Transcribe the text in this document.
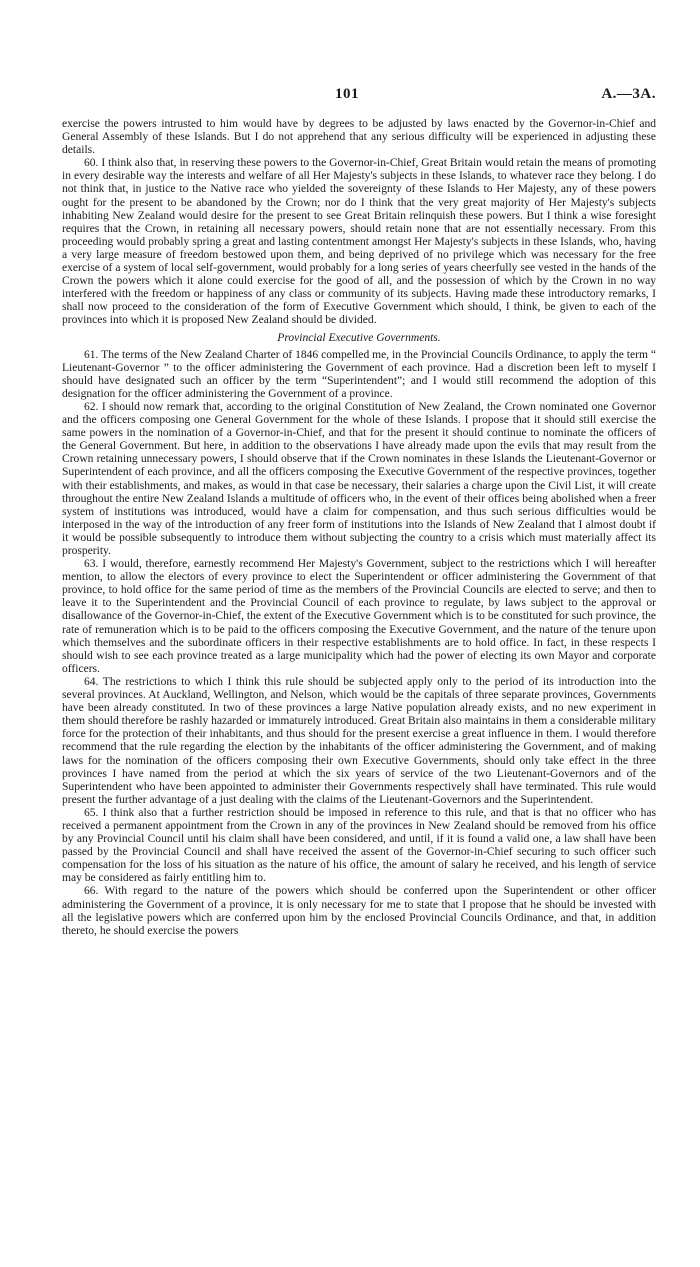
101	A.—3A.

exercise the powers intrusted to him would have by degrees to be adjusted by laws enacted by the Governor-in-Chief and General Assembly of these Islands. But I do not apprehend that any serious difficulty will be experienced in adjusting these details.

60. I think also that, in reserving these powers to the Governor-in-Chief, Great Britain would retain the means of promoting in every desirable way the interests and welfare of all Her Majesty's subjects in these Islands, to whatever race they belong. I do not think that, in justice to the Native race who yielded the sovereignty of these Islands to Her Majesty, any of these powers ought for the present to be abandoned by the Crown; nor do I think that the very great majority of Her Majesty's subjects inhabiting New Zealand would desire for the present to see Great Britain relinquish these powers. But I think a wise foresight requires that the Crown, in retaining all necessary powers, should retain none that are not essentially necessary. From this proceeding would probably spring a great and lasting contentment amongst Her Majesty's subjects in these Islands, who, having a very large measure of freedom bestowed upon them, and being deprived of no privilege which was necessary for the free exercise of a system of local self-government, would probably for a long series of years cheerfully see vested in the hands of the Crown the powers which it alone could exercise for the good of all, and the possession of which by the Crown in no way interfered with the freedom or happiness of any class or community of its subjects. Having made these introductory remarks, I shall now proceed to the consideration of the form of Executive Government which should, I think, be given to each of the provinces into which it is proposed New Zealand should be divided.

Provincial Executive Governments.

61. The terms of the New Zealand Charter of 1846 compelled me, in the Provincial Councils Ordinance, to apply the term “ Lieutenant-Governor ” to the officer administering the Government of each province. Had a discretion been left to myself I should have designated such an officer by the term “Superintendent”; and I would still recommend the adoption of this designation for the officer administering the Government of a province.

62. I should now remark that, according to the original Constitution of New Zealand, the Crown nominated one Governor and the officers composing one General Government for the whole of these Islands. I propose that it should still exercise the same powers in the nomination of a Governor-in-Chief, and that for the present it should continue to nominate the officers of the General Government. But here, in addition to the observations I have already made upon the evils that may result from the Crown retaining unnecessary powers, I should observe that if the Crown nominates in these Islands the Lieutenant-Governor or Superintendent of each province, and all the officers composing the Executive Government of the respective provinces, together with their establishments, and makes, as would in that case be necessary, their salaries a charge upon the Civil List, it will create throughout the entire New Zealand Islands a multitude of officers who, in the event of their offices being abolished when a freer system of institutions was introduced, would have a claim for compensation, and thus such serious difficulties would be interposed in the way of the introduction of any freer form of institutions into the Islands of New Zealand that I almost doubt if it would be possible subsequently to introduce them without subjecting the country to a crisis which must materially affect its prosperity.

63. I would, therefore, earnestly recommend Her Majesty's Government, subject to the restrictions which I will hereafter mention, to allow the electors of every province to elect the Superintendent or officer administering the Government of that province, to hold office for the same period of time as the members of the Provincial Councils are elected to serve; and then to leave it to the Superintendent and the Provincial Council of each province to regulate, by laws subject to the approval or disallowance of the Governor-in-Chief, the extent of the Executive Government which is to be constituted for such province, the rate of remuneration which is to be paid to the officers composing the Executive Government, and the nature of the tenure upon which themselves and the subordinate officers in their respective establishments are to hold office. In fact, in these respects I should wish to see each province treated as a large municipality which had the power of electing its own Mayor and corporate officers.

64. The restrictions to which I think this rule should be subjected apply only to the period of its introduction into the several provinces. At Auckland, Wellington, and Nelson, which would be the capitals of three separate provinces, Governments have been already constituted. In two of these provinces a large Native population already exists, and no new experiment in them should therefore be rashly hazarded or immaturely introduced. Great Britain also maintains in them a considerable military force for the protection of their inhabitants, and thus should for the present exercise a great influence in them. I would therefore recommend that the rule regarding the election by the inhabitants of the officer administering the Government, and of making laws for the nomination of the officers composing their own Executive Governments, should only take effect in the three provinces I have named from the period at which the six years of service of the two Lieutenant-Governors and of the Superintendent who have been appointed to administer their Governments respectively shall have terminated. This rule would present the further advantage of a just dealing with the claims of the Lieutenant-Governors and the Superintendent.

65. I think also that a further restriction should be imposed in reference to this rule, and that is that no officer who has received a permanent appointment from the Crown in any of the provinces in New Zealand should be removed from his office by any Provincial Council until his claim shall have been considered, and until, if it is found a valid one, a law shall have been passed by the Provincial Council and shall have received the assent of the Governor-in-Chief securing to such officer such compensation for the loss of his situation as the nature of his office, the amount of salary he received, and his length of service may be considered as fairly entitling him to.

66. With regard to the nature of the powers which should be conferred upon the Superintendent or other officer administering the Government of a province, it is only necessary for me to state that I propose that he should be invested with all the legislative powers which are conferred upon him by the enclosed Provincial Councils Ordinance, and that, in addition thereto, he should exercise the powers
